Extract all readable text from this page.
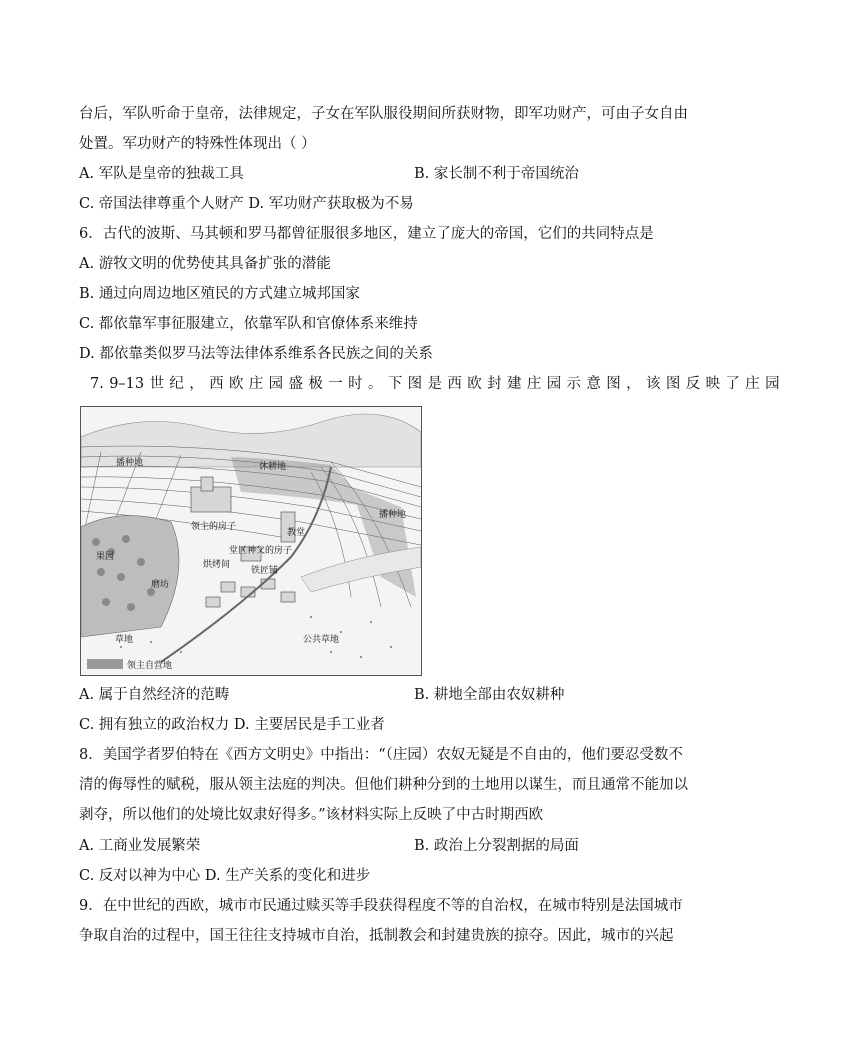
台后，军队听命于皇帝，法律规定，子女在军队服役期间所获财物，即军功财产，可由子女自由
处置。军功财产的特殊性体现出（ ）
A. 军队是皇帝的独裁工具	B. 家长制不利于帝国统治
C. 帝国法律尊重个人财产 D. 军功财产获取极为不易
6．古代的波斯、马其顿和罗马都曾征服很多地区，建立了庞大的帝国，它们的共同特点是
A. 游牧文明的优势使其具备扩张的潜能
B. 通过向周边地区殖民的方式建立城邦国家
C. 都依靠军事征服建立，依靠军队和官僚体系来维持
D. 都依靠类似罗马法等法律体系维系各民族之间的关系
7. 9–13 世 纪 ， 西 欧 庄 园 盛 极 一 时 。 下 图 是 西 欧 封 建 庄 园 示 意 图 ， 该 图 反 映 了 庄 园
播种地	休耕地
领主的房子
教堂
播种地
果园
堂区神父的房子
烘烤间
磨坊
铁匠铺
草地	公共草地
领主自营地
A. 属于自然经济的范畴	B. 耕地全部由农奴耕种
C. 拥有独立的政治权力 D. 主要居民是手工业者
8．美国学者罗伯特在《西方文明史》中指出：“（庄园）农奴无疑是不自由的，他们要忍受数不
清的侮辱性的赋税，服从领主法庭的判决。但他们耕种分到的土地用以谋生，而且通常不能加以
剥夺，所以他们的处境比奴隶好得多。”该材料实际上反映了中古时期西欧
A. 工商业发展繁荣	B. 政治上分裂割据的局面
C. 反对以神为中心 D. 生产关系的变化和进步
9．在中世纪的西欧，城市市民通过赎买等手段获得程度不等的自治权，在城市特别是法国城市
争取自治的过程中，国王往往支持城市自治，抵制教会和封建贵族的掠夺。因此，城市的兴起
